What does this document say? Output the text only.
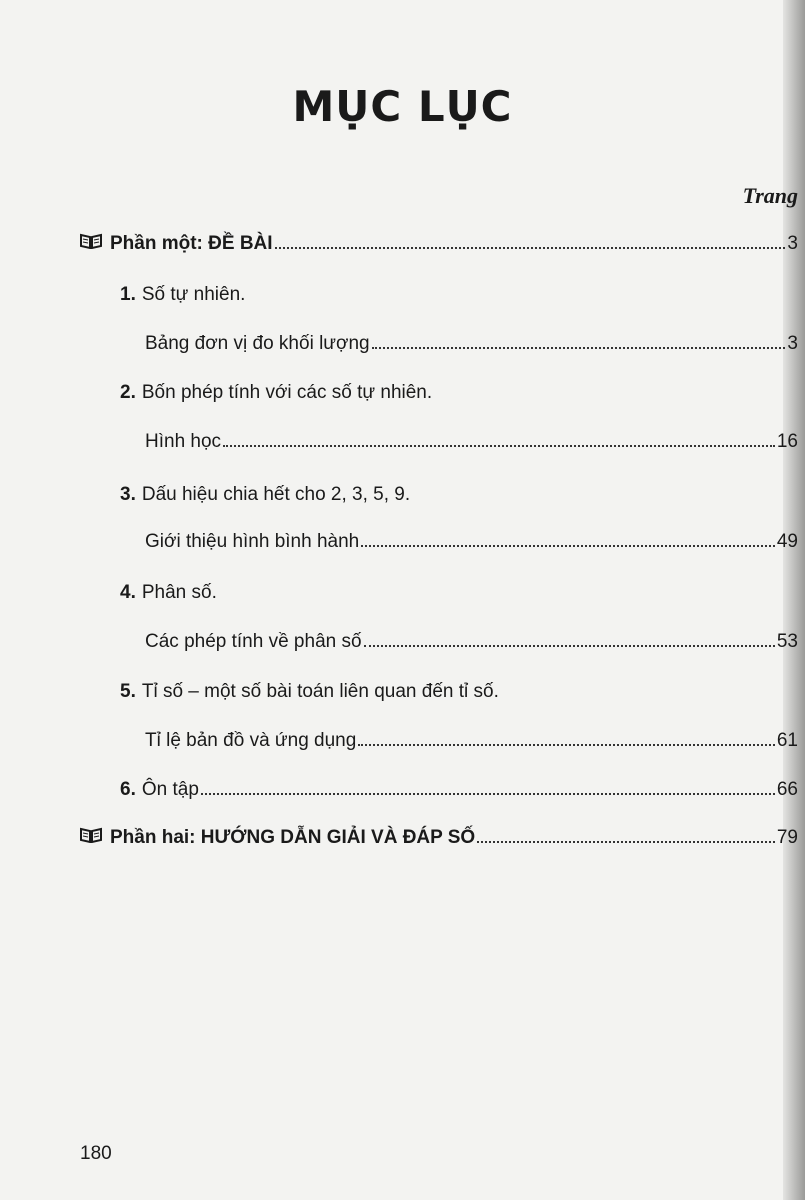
MỤC LỤC
Trang
Phần một: ĐỀ BÀI	3
1. Số tự nhiên.
Bảng đơn vị đo khối lượng	3
2. Bốn phép tính với các số tự nhiên.
Hình học	16
3. Dấu hiệu chia hết cho 2, 3, 5, 9.
Giới thiệu hình bình hành	49
4. Phân số.
Các phép tính về phân số	53
5. Tỉ số – một số bài toán liên quan đến tỉ số.
Tỉ lệ bản đồ và ứng dụng	61
6. Ôn tập	66
Phần hai: HƯỚNG DẪN GIẢI VÀ ĐÁP SỐ	79
180
